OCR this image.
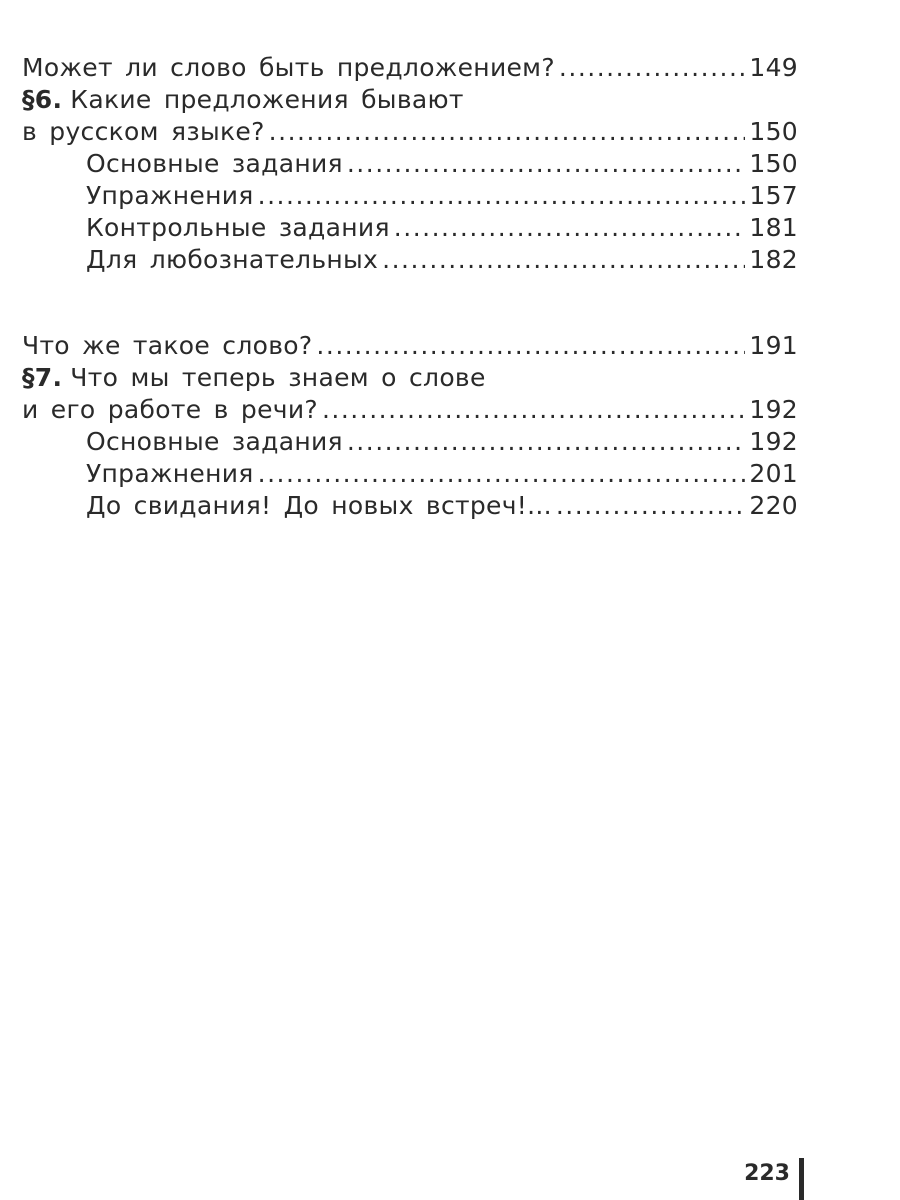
Может ли слово быть предложением? .....	149
§6. Какие предложения бывают
в русском языке? .....	150
Основные задания .....	150
Упражнения .....	157
Контрольные задания .....	181
Для любознательных .....	182
Что же такое слово? .....	191
§7. Что мы теперь знаем о слове
и его работе в речи? .....	192
Основные задания .....	192
Упражнения .....	201
До свидания! До новых встреч!... .....	220
223
